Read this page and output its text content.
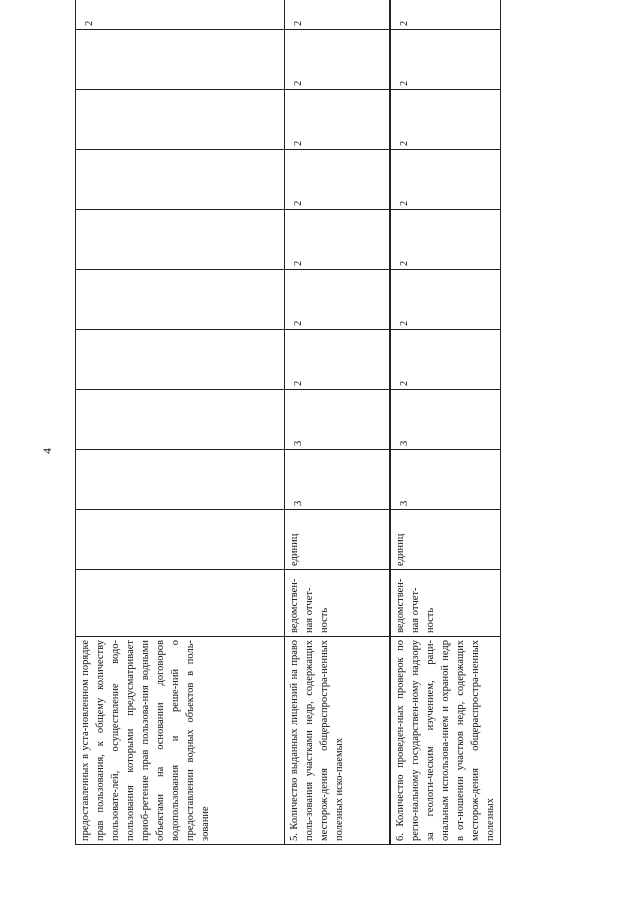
4
предоставленных в уста-новленном порядке прав пользования, к общему количеству пользовате-лей, осуществление водо-пользования которыми предусматривает приоб-ретение прав пользова-ния водными объектами на основании договоров водопользования и реше-ний о предоставлении водных объектов в поль-зование											2
5. Количество выданных лицензий на право поль-зования участками недр, содержащих месторож-дения общераспростра-ненных полезных иско-паемых	ведомствен-ная отчет-ность	единиц	3	3	2	2	2	2	2	2	2
6. Количество проведен-ных проверок по регио-нальному государствен-ному надзору за геологи-ческим изучением, раци-ональным использова-нием и охраной недр в от-ношении участков недр, содержащих месторож-дения общераспростра-ненных полезных	ведомствен-ная отчет-ность	единиц	3	3	2	2	2	2	2	2	2
